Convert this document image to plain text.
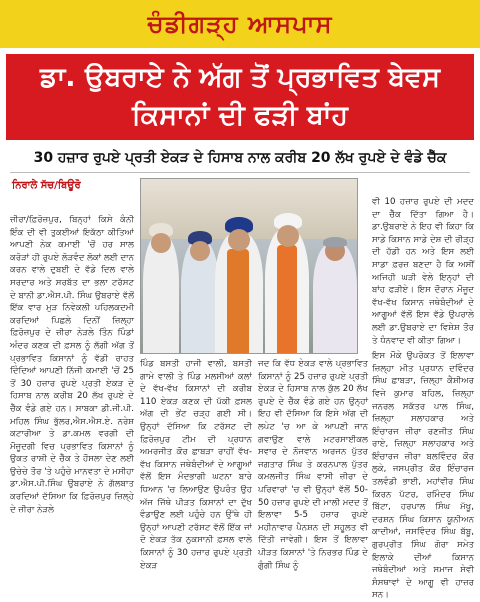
ਚੰਡੀਗੜ੍ਹ ਆਸਪਾਸ
ਡਾ. ਉਬਰਾਏ ਨੇ ਅੱਗ ਤੋਂ ਪ੍ਰਭਾਵਿਤ ਬੇਵਸ
ਕਿਸਾਨਾਂ ਦੀ ਫੜੀ ਬਾਂਹ
30 ਹਜ਼ਾਰ ਰੁਪਏ ਪ੍ਰਤੀ ਏਕੜ ਦੇ ਹਿਸਾਬ ਨਾਲ ਕਰੀਬ 20 ਲੱਖ ਰੁਪਏ ਦੇ ਵੰਡੇ ਚੈੱਕ
ਨਿਰਾਲੇ ਸੱਚ/ਬਿਊਰੋ

ਜ਼ੀਰਾ/ਫ਼ਿਰੋਜ਼ਪੁਰ, ਬਿਨ੍ਹਾਂ ਕਿਸੇ ਕੰਨੀ ਇੰਕ ਦੀ ਵੀ ਤੁਕਈਆਂ ਇਕੱਠਾ ਕੀਤਿਆਂ ਆਪਣੀ ਨੇਕ ਕਮਾਈ 'ਚੋਂ ਹਰ ਸਾਲ ਕਰੋੜਾਂ ਹੀ ਰੁਪਏ ਲੋੜਵੰਦ ਲੋਕਾਂ ਲਈ ਦਾਨ ਕਰਨ ਵਾਲੇ ਦੁਬਈ ਦੇ ਵੱਡੇ ਦਿਲ ਵਾਲੇ ਸਰਦਾਰ ਅਤੇ ਸਰਬੱਤ ਦਾ ਭਲਾ ਟਰੱਸਟ ਦੇ ਬਾਨੀ ਡਾ.ਐਸ.ਪੀ. ਸਿੰਘ ਉਬਰਾਏ ਵੱਲੋਂ ਇੱਕ ਵਾਰ ਮੁੜ ਨਿਵੇਕਲੀ ਪਹਿਲਕਦਮੀ ਕਰਦਿਆਂ ਪਿਛਲੇ ਦਿਨੀਂ ਜ਼ਿਲ੍ਹਾ ਫ਼ਿਰੋਜ਼ਪੁਰ ਦੇ ਜ਼ੀਰਾ ਨੇੜਲੇ ਤਿੰਨ ਪਿੰਡਾਂ ਅੰਦਰ ਕਣਕ ਦੀ ਫ਼ਸਲ ਨੂੰ ਲੱਗੀ ਅੱਗ ਤੋਂ ਪ੍ਰਭਾਵਿਤ ਕਿਸਾਨਾਂ ਨੂੰ ਵੱਡੀ ਰਾਹਤ ਦਿੰਦਿਆਂ ਆਪਣੀ ਨਿੱਜੀ ਕਮਾਈ 'ਚੋਂ 25 ਤੋਂ 30 ਹਜ਼ਾਰ ਰੁਪਏ ਪ੍ਰਤੀ ਏਕੜ ਦੇ ਹਿਸਾਬ ਨਾਲ ਕਰੀਬ 20 ਲੱਖ ਰੁਪਏ ਦੇ ਚੈੱਕ ਵੰਡੇ ਗਏ ਹਨ। ਸਾਬਕਾ ਡੀ.ਜੀ.ਪੀ. ਮਹਿਲ ਸਿੰਘ ਭੁੱਲਰ,ਐਸ.ਐਸ.ਏ. ਨਰੇਸ਼ ਕਟਾਰੀਆ ਤੇ ਡਾ.ਕਮਲ ਵਰਗੀ ਦੀ ਮੌਜੂਦਗੀ ਵਿਚ ਪ੍ਰਭਾਵਿਤ ਕਿਸਾਨਾਂ ਨੂੰ ਉਕਤ ਰਾਸ਼ੀ ਦੇ ਚੈੱਕ ਤੇ ਹੌਸਲਾ ਦੇਣ ਲਈ ਉਚੇਚੇ ਤੌਰ 'ਤੇ ਪਹੁੰਚੇ ਮਾਨਵਤਾ ਦੇ ਮਸੀਹਾ ਡਾ.ਐਸ.ਪੀ.ਸਿੰਘ ਉਬਰਾਏ ਨੇ ਗੱਲਬਾਤ ਕਰਦਿਆਂ ਦੱਸਿਆ ਕਿ ਫ਼ਿਰੋਜ਼ਪੁਰ ਜ਼ਿਲ੍ਹੇ ਦੇ ਜ਼ੀਰਾ ਨੇੜਲੇ

ਪਿੰਡ ਬਸਤੀ ਹਾਜੀ ਵਾਲੀ, ਬਸਤੀ ਗਾਮੇ ਵਾਲੀ ਤੇ ਪਿੰਡ ਮਲਸੀਆਂ ਕਲਾਂ ਦੇ ਵੱਖ-ਵੱਖ ਕਿਸਾਨਾਂ ਦੀ ਕਰੀਬ 110 ਏਕੜ ਕਣਕ ਦੀ ਪੱਕੀ ਫ਼ਸਲ ਅੱਗ ਦੀ ਭੇਂਟ ਚੜ੍ਹ ਗਈ ਸੀ। ਉਨ੍ਹਾਂ ਦੱਸਿਆ ਕਿ ਟਰੱਸਟ ਦੀ ਫ਼ਿਰੋਜ਼ਪੁਰ ਟੀਮ ਦੀ ਪ੍ਰਧਾਨ ਅਮਰਜੀਤ ਕੌਰ ਛਾਬੜਾ ਰਾਹੀਂ ਵੱਖ-ਵੱਖ ਕਿਸਾਨ ਜਥੇਬੰਦੀਆਂ ਦੇ ਆਗੂਆਂ ਵੱਲੋਂ ਇਸ ਮੰਦਭਾਗੀ ਘਟਨਾ ਬਾਰੇ ਧਿਆਨ 'ਚ ਲਿਆਉਣ ਉਪਰੰਤ ਉਹ ਅੱਜ ਜਿੱਥੇ ਪੀੜਤ ਕਿਸਾਨਾਂ ਦਾ ਦੁੱਖ ਵੰਡਾਉਣ ਲਈ ਪਹੁੰਚੇ ਹਨ ਉੱਥੇ ਹੀ ਉਨ੍ਹਾਂ ਆਪਣੀ ਟਰੱਸਟ ਵੱਲੋਂ ਇੱਕ ਜਾਂ ਦੋ ਏਕੜ ਤੱਕ ਨੁਕਸਾਨੀ ਫ਼ਸਲ ਵਾਲੇ ਕਿਸਾਨਾਂ ਨੂੰ 30 ਹਜ਼ਾਰ ਰੁਪਏ ਪ੍ਰਤੀ ਏਕੜ

ਜਦ ਕਿ ਵੱਧ ਏਕੜ ਵਾਲੇ ਪ੍ਰਭਾਵਿਤ ਕਿਸਾਨਾਂ ਨੂੰ 25 ਹਜ਼ਾਰ ਰੁਪਏ ਪ੍ਰਤੀ ਏਕੜ ਦੇ ਹਿਸਾਬ ਨਾਲ ਕੁੱਲ 20 ਲੱਖ ਰੁਪਏ ਦੇ ਚੈੱਕ ਵੰਡੇ ਗਏ ਹਨ ਉਨ੍ਹਾਂ ਇਹ ਵੀ ਦੱਸਿਆ ਕਿ ਇਸੇ ਅੱਗ ਦੀ ਲਪੇਟ 'ਚ ਆ ਕੇ ਆਪਣੀ ਜਾਨ ਗਵਾਉਣ ਵਾਲੇ ਮਟਰਸਾਈਕਲ ਸਵਾਰ ਦੇ ਨੌਜਵਾਨ ਅਰਜਨ ਪੁੱਤਰ ਜਗਤਾਰ ਸਿੰਘ ਤੇ ਕਰਨਪਾਲ ਪੁੱਤਰ ਕਮਲਜੀਤ ਸਿੰਘ ਵਾਸੀ ਜ਼ੀਰਾ ਦੇ ਪਰਿਵਾਰਾਂ 'ਚ ਵੀ ਉਨ੍ਹਾਂ ਵੱਲੋਂ 50-50 ਹਜ਼ਾਰ ਰੁਪਏ ਦੀ ਮਾਲੀ ਮਦਦ ਤੋਂ ਇਲਾਵਾ 5-5 ਹਜ਼ਾਰ ਰੁਪਏ ਮਹੀਨਾਵਾਰ ਪੈਨਸ਼ਨ ਦੀ ਸਹੂਲਤ ਵੀ ਦਿੱਤੀ ਜਾਵੇਗੀ। ਇਸ ਤੋਂ ਇਲਾਵਾ ਪੀੜਤ ਕਿਸਾਨਾਂ 'ਤੇ ਨਿਰਭਰ ਪਿੰਡ ਦੇ ਗੁੰਗੀ ਸਿੰਘ ਨੂੰ

ਵੀ 10 ਹਜ਼ਾਰ ਰੁਪਏ ਦੀ ਮਦਦ ਦਾ ਚੈੱਕ ਦਿੱਤਾ ਗਿਆ ਹੈ। ਡਾ.ਉਬਰਾਏ ਨੇ ਇਹ ਵੀ ਕਿਹਾ ਕਿ ਸਾਡੇ ਕਿਸਾਨ ਸਾਡੇ ਦੇਸ਼ ਦੀ ਰੀੜ੍ਹ ਦੀ ਹੱਡੀ ਹਨ ਅਤੇ ਇਸ ਲਈ ਸਾਡਾ ਫ਼ਰਜ਼ ਬਣਦਾ ਹੈ ਕਿ ਅਸੀਂ ਅਜਿਹੀ ਘੜੀ ਵੇਲੇ ਇਨ੍ਹਾਂ ਦੀ ਬਾਂਹ ਫੜੀਏ। ਇਸ ਦੌਰਾਨ ਮੌਜੂਦ ਵੱਖ-ਵੱਖ ਕਿਸਾਨ ਜਥੇਬੰਦੀਆਂ ਦੇ ਆਗੂਆਂ ਵੱਲੋਂ ਇਸ ਵੱਡੇ ਉਪਰਾਲੇ ਲਈ ਡਾ.ਉਬਰਾਏ ਦਾ ਵਿਸ਼ੇਸ਼ ਤੌਰ ਤੇ ਧੰਨਵਾਦ ਵੀ ਕੀਤਾ ਗਿਆ।

ਇਸ ਮੌਕੇ ਉਪਰੋਕਤ ਤੋਂ ਇਲਾਵਾ ਜ਼ਿਲ੍ਹਾ ਮੀਤ ਪ੍ਰਧਾਨ ਦਵਿੰਦਰ ਸਿੰਘ ਛਾਬੜਾ, ਜ਼ਿਲ੍ਹਾ ਕੈਸ਼ੀਅਰ ਵਿਜੇ ਕੁਮਾਰ ਬਹਿਲ, ਜ਼ਿਲ੍ਹਾ ਜਨਰਲ ਸਕੱਤਰ ਪਾਲ ਸਿੰਘ, ਜ਼ਿਲ੍ਹਾ ਸਲਾਹਕਾਰ ਅਤੇ ਇੰਚਾਰਜ ਜ਼ੀਰਾ ਰਣਜੀਤ ਸਿੰਘ ਰਾਏ, ਜ਼ਿਲ੍ਹਾ ਸਲਾਹਕਾਰ ਅਤੇ ਇੰਚਾਰਜ ਜ਼ੀਰਾ ਬਲਵਿੰਦਰ ਕੌਰ ਲੁਕੇ, ਜਸਪ੍ਰੀਤ ਕੌਰ ਇੰਚਾਰਜ ਤਲਵੰਡੀ ਭਾਈ, ਮਹਾਂਵੀਰ ਸਿੰਘ ਕਿਰਨ ਪੱਟਰ, ਰਮਿੰਦਰ ਸਿੰਘ ਬਿੱਟਾ, ਹਰਪਾਲ ਸਿੰਘ ਮੱਖੂ, ਦਰਸ਼ਨ ਸਿੰਘ ਕਿਸਾਨ ਯੂਨੀਅਨ ਕਾਦੀਆਂ, ਜਸਵਿੰਦਰ ਸਿੰਘ ਬੱਬੂ, ਗੁਰਪ੍ਰੀਤ ਸਿੰਘ ਗੋਰਾ ਸਮੇਤ ਇਲਾਕੇ ਦੀਆਂ ਕਿਸਾਨ ਜਥੇਬੰਦੀਆਂ ਅਤੇ ਸਮਾਜ ਸੇਵੀ ਸੰਸਥਾਵਾਂ ਦੇ ਆਗੂ ਵੀ ਹਾਜ਼ਰ ਸਨ।
